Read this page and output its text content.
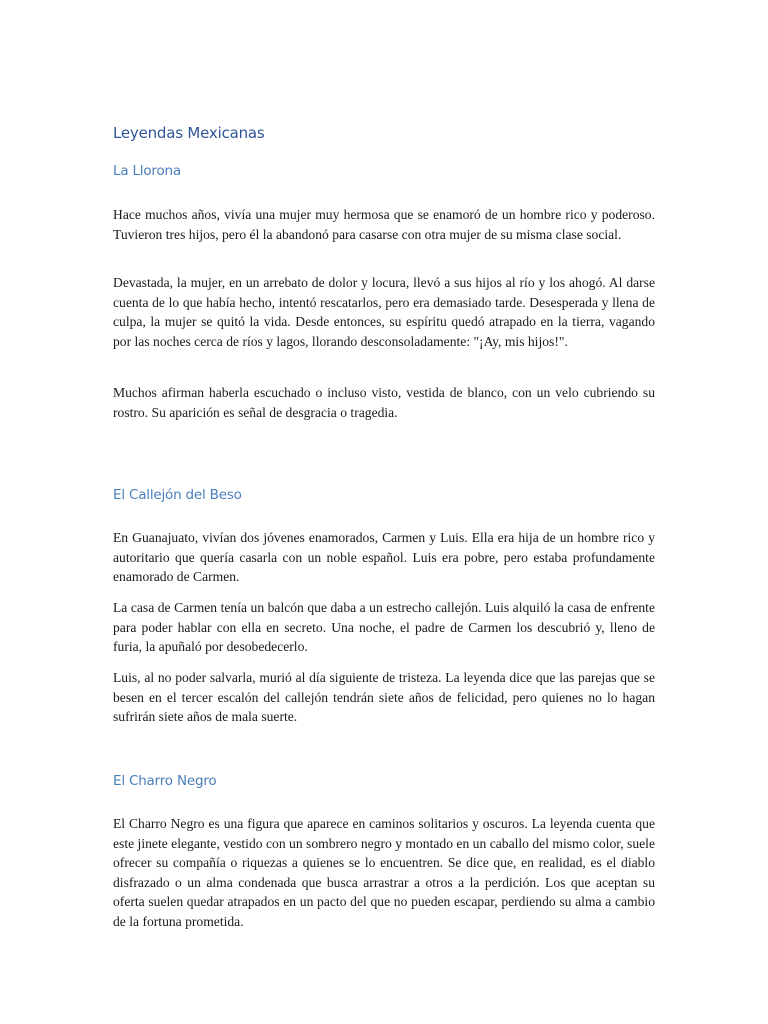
Leyendas Mexicanas
La Llorona

Hace muchos años, vivía una mujer muy hermosa que se enamoró de un hombre rico y poderoso. Tuvieron tres hijos, pero él la abandonó para casarse con otra mujer de su misma clase social.

Devastada, la mujer, en un arrebato de dolor y locura, llevó a sus hijos al río y los ahogó. Al darse cuenta de lo que había hecho, intentó rescatarlos, pero era demasiado tarde. Desesperada y llena de culpa, la mujer se quitó la vida. Desde entonces, su espíritu quedó atrapado en la tierra, vagando por las noches cerca de ríos y lagos, llorando desconsoladamente: "¡Ay, mis hijos!".

Muchos afirman haberla escuchado o incluso visto, vestida de blanco, con un velo cubriendo su rostro. Su aparición es señal de desgracia o tragedia.

El Callejón del Beso

En Guanajuato, vivían dos jóvenes enamorados, Carmen y Luis. Ella era hija de un hombre rico y autoritario que quería casarla con un noble español. Luis era pobre, pero estaba profundamente enamorado de Carmen.

La casa de Carmen tenía un balcón que daba a un estrecho callejón. Luis alquiló la casa de enfrente para poder hablar con ella en secreto. Una noche, el padre de Carmen los descubrió y, lleno de furia, la apuñaló por desobedecerlo.

Luis, al no poder salvarla, murió al día siguiente de tristeza. La leyenda dice que las parejas que se besen en el tercer escalón del callejón tendrán siete años de felicidad, pero quienes no lo hagan sufrirán siete años de mala suerte.

El Charro Negro

El Charro Negro es una figura que aparece en caminos solitarios y oscuros. La leyenda cuenta que este jinete elegante, vestido con un sombrero negro y montado en un caballo del mismo color, suele ofrecer su compañía o riquezas a quienes se lo encuentren. Se dice que, en realidad, es el diablo disfrazado o un alma condenada que busca arrastrar a otros a la perdición. Los que aceptan su oferta suelen quedar atrapados en un pacto del que no pueden escapar, perdiendo su alma a cambio de la fortuna prometida.
